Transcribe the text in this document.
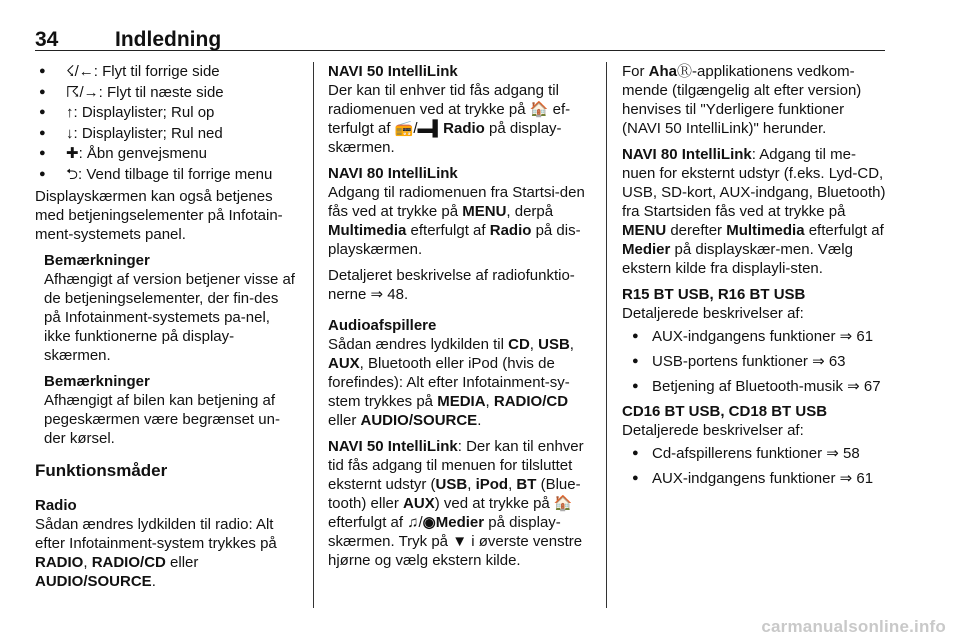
34	Indledning
● ☇/←: Flyt til forrige side
● ☈/→: Flyt til næste side
● ↑: Displaylister; Rul op
● ↓: Displaylister; Rul ned
● ✚: Åbn genvejsmenu
● ⮌: Vend tilbage til forrige menu

Displayskærmen kan også betjenes med betjeningselementer på Infotain-ment-systemets panel.

Bemærkninger

Afhængigt af version betjener visse af de betjeningselementer, der fin-des på Infotainment-systemets pa-nel, ikke funktionerne på display-skærmen.

Bemærkninger

Afhængigt af bilen kan betjening af pegeskærmen være begrænset un-der kørsel.

Funktionsmåder
Radio

Sådan ændres lydkilden til radio: Alt efter Infotainment-system trykkes på
RADIO, RADIO/CD eller
AUDIO/SOURCE.

NAVI 50 IntelliLink

Der kan til enhver tid fås adgang til radiomenuen ved at trykke på 🏠 ef-terfulgt af 📻/▬▌Radio på display-skærmen.

NAVI 80 IntelliLink

Adgang til radiomenuen fra Startsi-den fås ved at trykke på MENU, derpå Multimedia efterfulgt af Radio på dis-playskærmen.

Detaljeret beskrivelse af radiofunktio-nerne ⇒ 48.

Audioafspillere

Sådan ændres lydkilden til CD, USB, AUX, Bluetooth eller iPod (hvis de forefindes): Alt efter Infotainment-sy-stem trykkes på MEDIA, RADIO/CD eller AUDIO/SOURCE.

NAVI 50 IntelliLink: Der kan til enhver tid fås adgang til menuen for tilsluttet eksternt udstyr (USB, iPod, BT (Blue-tooth) eller AUX) ved at trykke på 🏠 efterfulgt af ♫/◉Medier på display-skærmen. Tryk på ▼ i øverste venstre hjørne og vælg ekstern kilde.

For AhaⓇ-applikationens vedkom-mende (tilgængelig alt efter version) henvises til "Yderligere funktioner (NAVI 50 IntelliLink)" herunder.

NAVI 80 IntelliLink: Adgang til me-nuen for eksternt udstyr (f.eks. Lyd-CD, USB, SD-kort, AUX-indgang, Bluetooth) fra Startsiden fås ved at trykke på MENU derefter Multimedia efterfulgt af Medier på displayskær-men. Vælg ekstern kilde fra displayli-sten.

R15 BT USB, R16 BT USB
Detaljerede beskrivelser af:
● AUX-indgangens funktioner ⇒ 61
● USB-portens funktioner ⇒ 63
● Betjening af Bluetooth-musik ⇒ 67
CD16 BT USB, CD18 BT USB
Detaljerede beskrivelser af:
● Cd-afspillerens funktioner ⇒ 58
● AUX-indgangens funktioner ⇒ 61
carmanualsonline.info
